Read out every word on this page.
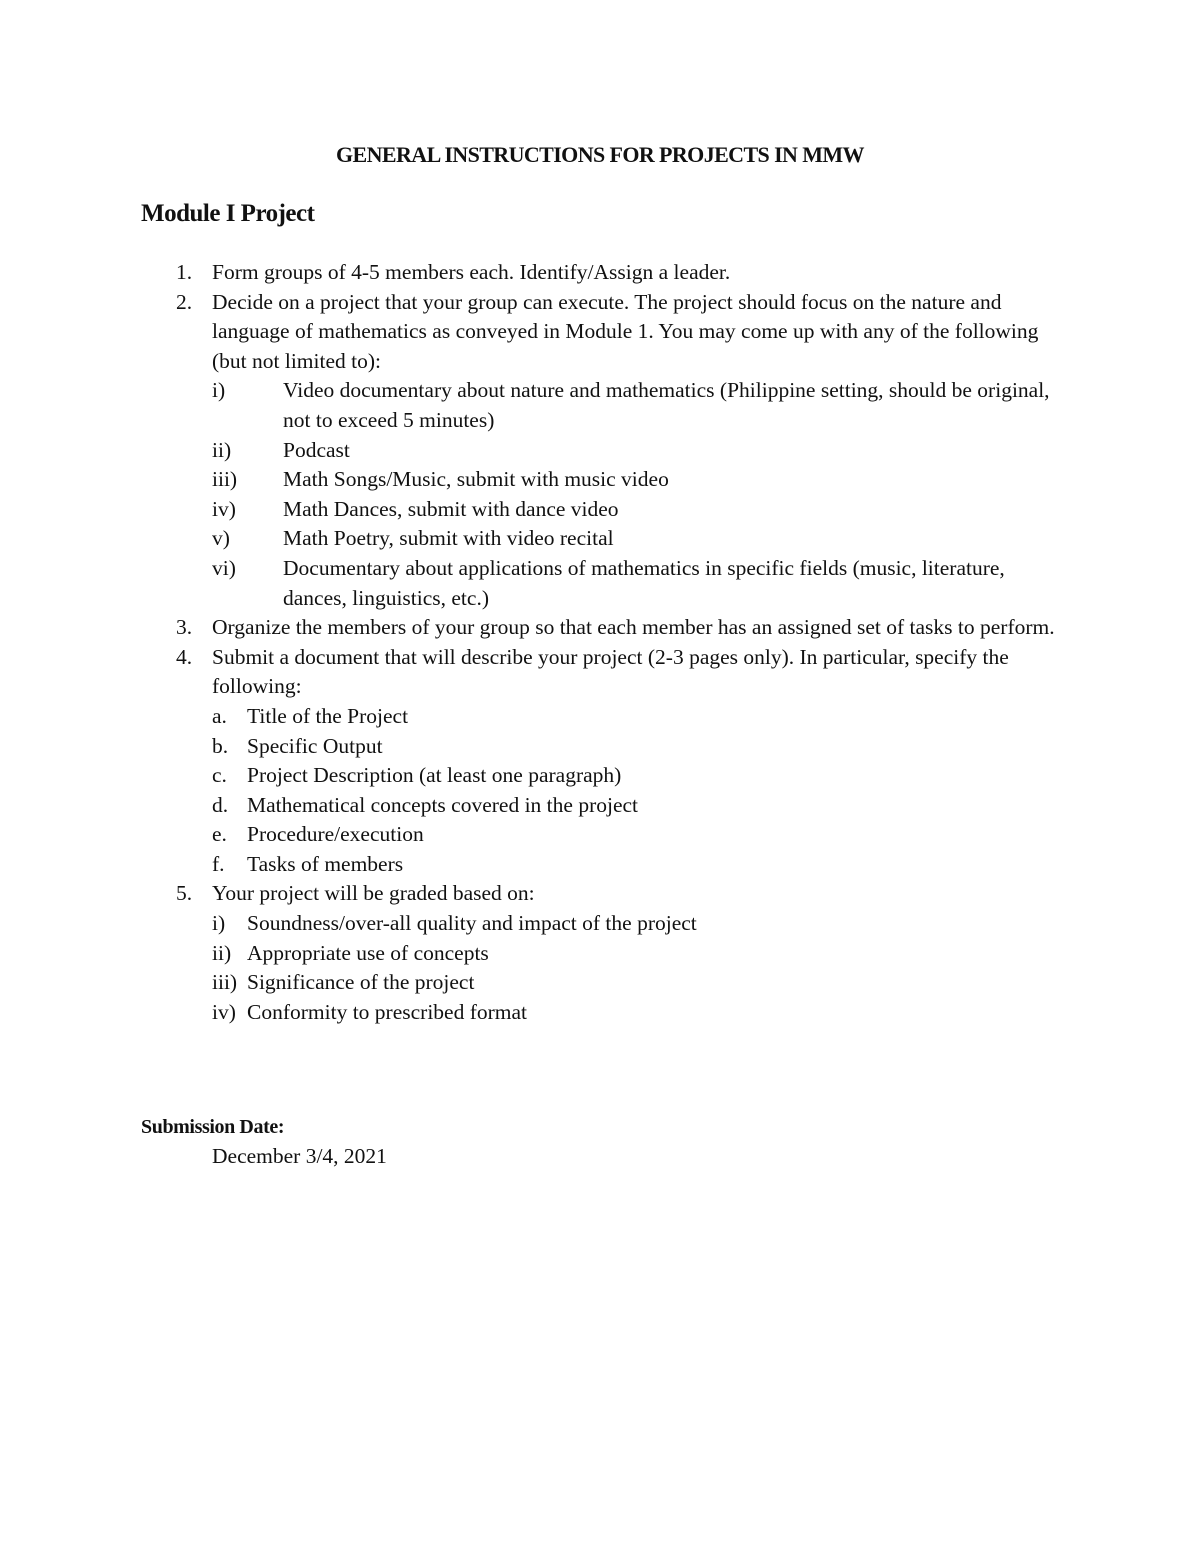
GENERAL INSTRUCTIONS FOR PROJECTS IN MMW
Module I Project
1. Form groups of 4-5 members each. Identify/Assign a leader.
2. Decide on a project that your group can execute. The project should focus on the nature and language of mathematics as conveyed in Module 1. You may come up with any of the following (but not limited to):
i)	Video documentary about nature and mathematics (Philippine setting, should be original, not to exceed 5 minutes)
ii)	Podcast
iii)	Math Songs/Music, submit with music video
iv)	Math Dances, submit with dance video
v)	Math Poetry, submit with video recital
vi)	Documentary about applications of mathematics in specific fields (music, literature, dances, linguistics, etc.)
3. Organize the members of your group so that each member has an assigned set of tasks to perform.
4. Submit a document that will describe your project (2-3 pages only). In particular, specify the following:
a. Title of the Project
b. Specific Output
c. Project Description (at least one paragraph)
d. Mathematical concepts covered in the project
e. Procedure/execution
f.	Tasks of members
5. Your project will be graded based on:
i)	Soundness/over-all quality and impact of the project
ii) Appropriate use of concepts
iii) Significance of the project
iv) Conformity to prescribed format

Submission Date:

December 3/4, 2021
